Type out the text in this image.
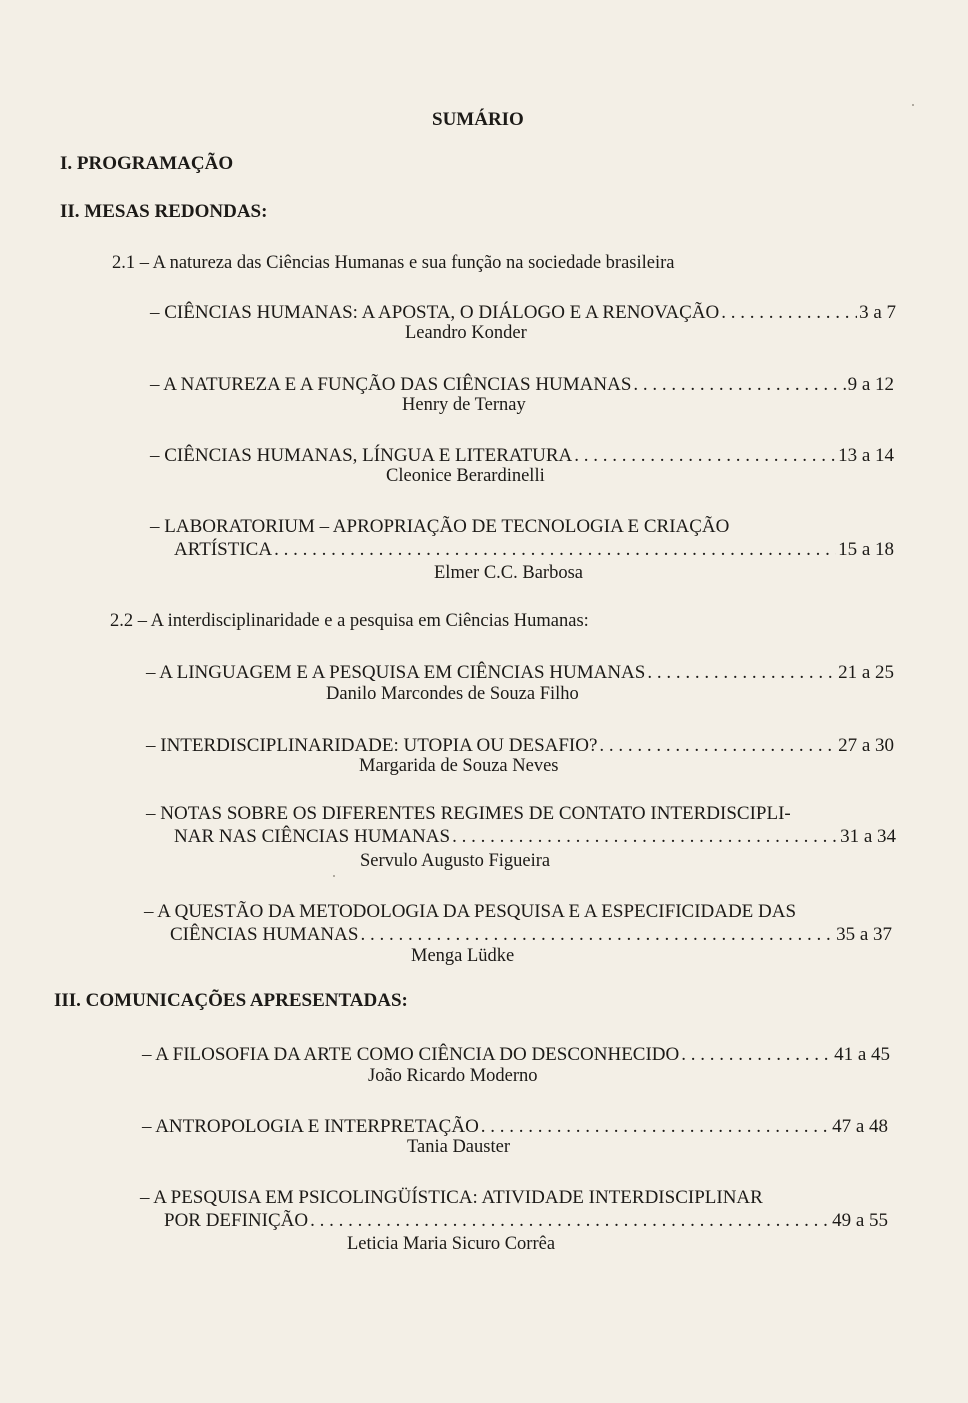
SUMÁRIO
I. PROGRAMAÇÃO
II. MESAS REDONDAS:
2.1 – A natureza das Ciências Humanas e sua função na sociedade brasileira
– CIÊNCIAS HUMANAS: A APOSTA, O DIÁLOGO E A RENOVAÇÃO . . .	3 a 7
Leandro Konder
– A NATUREZA E A FUNÇÃO DAS CIÊNCIAS HUMANAS . . .	9 a 12
Henry de Ternay
– CIÊNCIAS HUMANAS, LÍNGUA E LITERATURA . . .	13 a 14
Cleonice Berardinelli
– LABORATORIUM – APROPRIAÇÃO DE TECNOLOGIA E CRIAÇÃO
ARTÍSTICA . . .	15 a 18
Elmer C.C. Barbosa
2.2 – A interdisciplinaridade e a pesquisa em Ciências Humanas:
– A LINGUAGEM E A PESQUISA EM CIÊNCIAS HUMANAS . . .	21 a 25
Danilo Marcondes de Souza Filho
– INTERDISCIPLINARIDADE: UTOPIA OU DESAFIO? . . .	27 a 30
Margarida de Souza Neves
– NOTAS SOBRE OS DIFERENTES REGIMES DE CONTATO INTERDISCIPLI-
NAR NAS CIÊNCIAS HUMANAS . . .	31 a 34
Servulo Augusto Figueira
– A QUESTÃO DA METODOLOGIA DA PESQUISA E A ESPECIFICIDADE DAS
CIÊNCIAS HUMANAS . . .	35 a 37
Menga Lüdke
III. COMUNICAÇÕES APRESENTADAS:
– A FILOSOFIA DA ARTE COMO CIÊNCIA DO DESCONHECIDO . . .	41 a 45
João Ricardo Moderno
– ANTROPOLOGIA E INTERPRETAÇÃO . . .	47 a 48
Tania Dauster
– A PESQUISA EM PSICOLINGÜÍSTICA: ATIVIDADE INTERDISCIPLINAR
POR DEFINIÇÃO . . .	49 a 55
Leticia Maria Sicuro Corrêa
